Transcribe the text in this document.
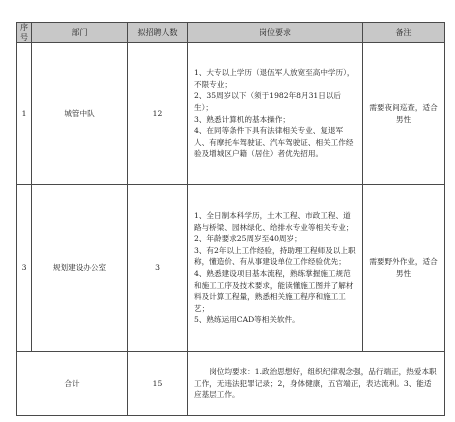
序号	部门	拟招聘人数	岗位要求	备注
1	城管中队	12	1、大专以上学历（退伍军人放宽至高中学历），不限专业；
2、35周岁以下（须于1982年8月31日以后生）；
3、熟悉计算机的基本操作；
4、在同等条件下具有法律相关专业、复退军人、有摩托车驾驶证、汽车驾驶证、相关工作经验及增城区户籍（居住）者优先招用。	需要夜间巡查，适合男性
3	规划建设办公室	3	1、全日制本科学历，土木工程、市政工程、道路与桥梁、园林绿化、给排水专业等相关专业；
2、年龄要求25周岁至40周岁；
3、有2年以上工作经验，持助理工程师及以上职称，懂造价、有从事建设单位工作经验优先；
4、熟悉建设项目基本流程，熟练掌握施工规范和施工工序及技术要求，能读懂施工图并了解材料及计算工程量，熟悉相关施工程序和施工工艺；
5、熟练运用CAD等相关软件。	需要野外作业，适合男性
合计		15	岗位均要求：1.政治思想好，组织纪律观念强，品行端正，热爱本职工作，无违法犯罪记录；2，身体健康，五官端正，表达流利。3、能适应基层工作。	
